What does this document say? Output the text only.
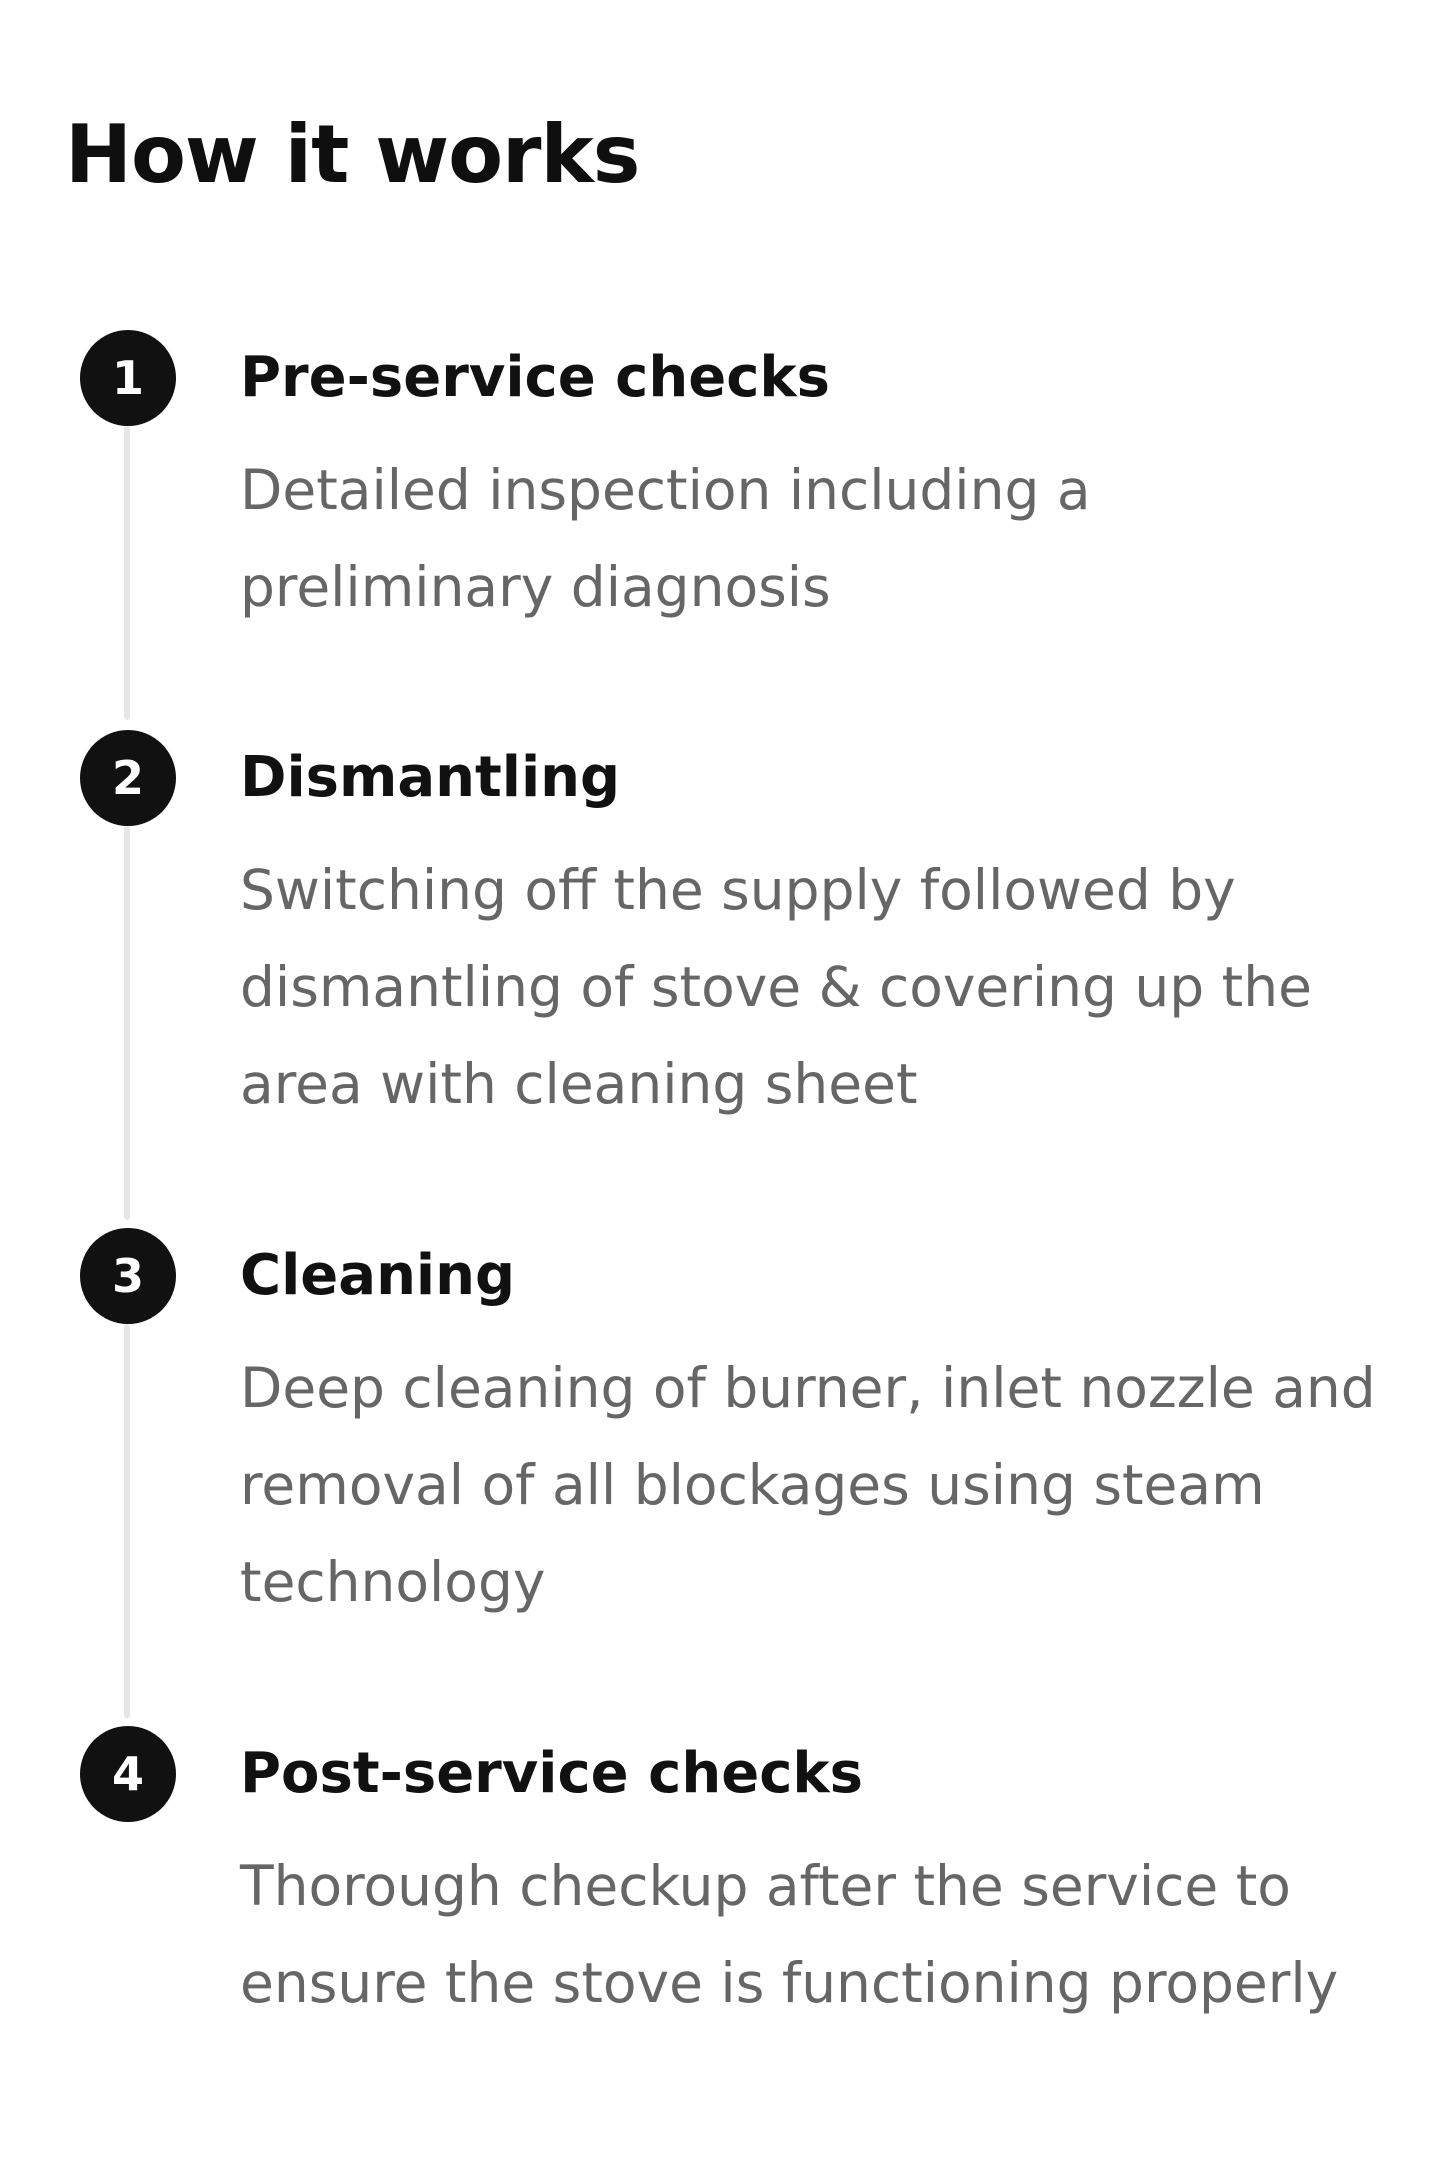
How it works
1	Pre-service checks

Detailed inspection including a preliminary diagnosis

2	Dismantling

Switching off the supply followed by dismantling of stove & covering up the area with cleaning sheet

3	Cleaning

Deep cleaning of burner, inlet nozzle and removal of all blockages using steam technology

4	Post-service checks

Thorough checkup after the service to ensure the stove is functioning properly
